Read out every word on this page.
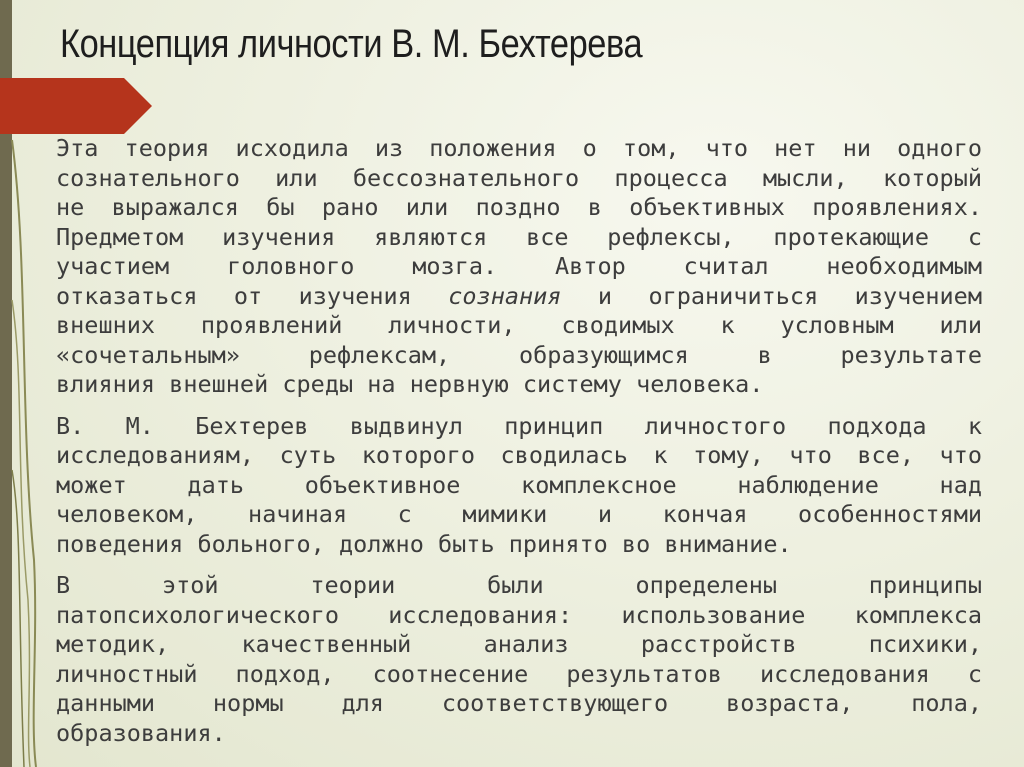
Концепция личности В. М. Бехтерева

Эта теория исходила из положения о том, что нет ни одного
сознательного или бессознательного процесса мысли, который
не выражался бы рано или поздно в объективных проявлениях.
Предметом изучения являются все рефлексы, протекающие с
участием головного мозга. Автор считал необходимым
отказаться от изучения сознания и ограничиться изучением
внешних проявлений личности, сводимых к условным или
«сочетальным» рефлексам, образующимся в результате
влияния внешней среды на нервную систему человека.

В. М. Бехтерев выдвинул принцип личностого подхода к
исследованиям, суть которого сводилась к тому, что все, что
может дать объективное комплексное наблюдение над
человеком, начиная с мимики и кончая особенностями
поведения больного, должно быть принято во внимание.

В этой теории были определены принципы
патопсихологического исследования: использование комплекса
методик, качественный анализ расстройств психики,
личностный подход, соотнесение результатов исследования с
данными нормы для соответствующего возраста, пола,
образования.
